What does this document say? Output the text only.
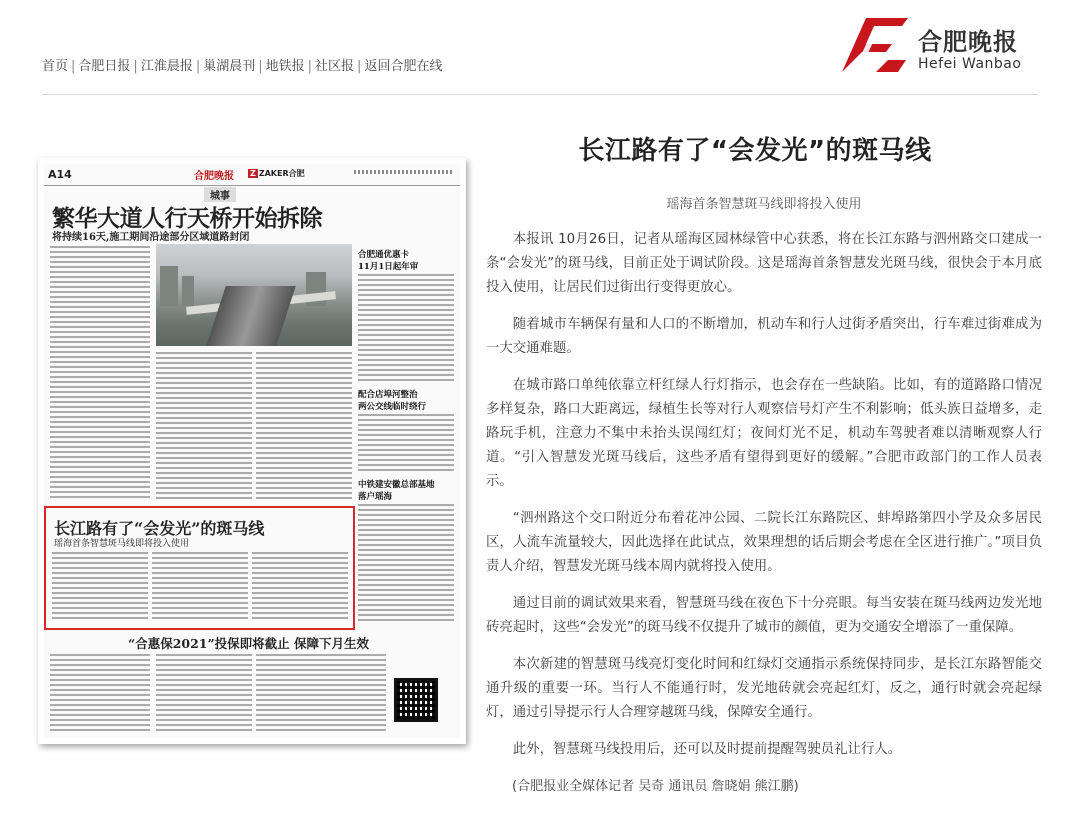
首页 | 合肥日报 | 江淮晨报 | 巢湖晨刊 | 地铁报 | 社区报 | 返回合肥在线
合肥晚报
Hefei Wanbao
A14	合肥晚报 Z ZAKER合肥
城事
繁华大道人行天桥开始拆除
将持续16天,施工期间沿途部分区域道路封闭
合肥通优惠卡
11月1日起年审
配合店埠河整治
两公交线临时绕行
中铁建安徽总部基地
落户瑶海
长江路有了“会发光”的斑马线
瑶海首条智慧斑马线即将投入使用
“合惠保2021”投保即将截止 保障下月生效
长江路有了“会发光”的斑马线
瑶海首条智慧斑马线即将投入使用

本报讯 10月26日，记者从瑶海区园林绿管中心获悉，将在长江东路与泗州路交口建成一条“会发光”的斑马线，目前正处于调试阶段。这是瑶海首条智慧发光斑马线，很快会于本月底投入使用，让居民们过街出行变得更放心。

随着城市车辆保有量和人口的不断增加，机动车和行人过街矛盾突出，行车难过街难成为一大交通难题。

在城市路口单纯依靠立杆红绿人行灯指示，也会存在一些缺陷。比如，有的道路路口情况多样复杂，路口大距离远，绿植生长等对行人观察信号灯产生不利影响；低头族日益增多，走路玩手机，注意力不集中未抬头误闯红灯；夜间灯光不足，机动车驾驶者难以清晰观察人行道。“引入智慧发光斑马线后，这些矛盾有望得到更好的缓解。”合肥市政部门的工作人员表示。

“泗州路这个交口附近分布着花冲公园、二院长江东路院区、蚌埠路第四小学及众多居民区，人流车流量较大，因此选择在此试点，效果理想的话后期会考虑在全区进行推广。”项目负责人介绍，智慧发光斑马线本周内就将投入使用。

通过目前的调试效果来看，智慧斑马线在夜色下十分亮眼。每当安装在斑马线两边发光地砖亮起时，这些“会发光”的斑马线不仅提升了城市的颜值，更为交通安全增添了一重保障。

本次新建的智慧斑马线亮灯变化时间和红绿灯交通指示系统保持同步，是长江东路智能交通升级的重要一环。当行人不能通行时，发光地砖就会亮起红灯，反之，通行时就会亮起绿灯，通过引导提示行人合理穿越斑马线，保障安全通行。

此外，智慧斑马线投用后，还可以及时提前提醒驾驶员礼让行人。

(合肥报业全媒体记者 吴奇 通讯员 詹晓娟 熊江鹏)
